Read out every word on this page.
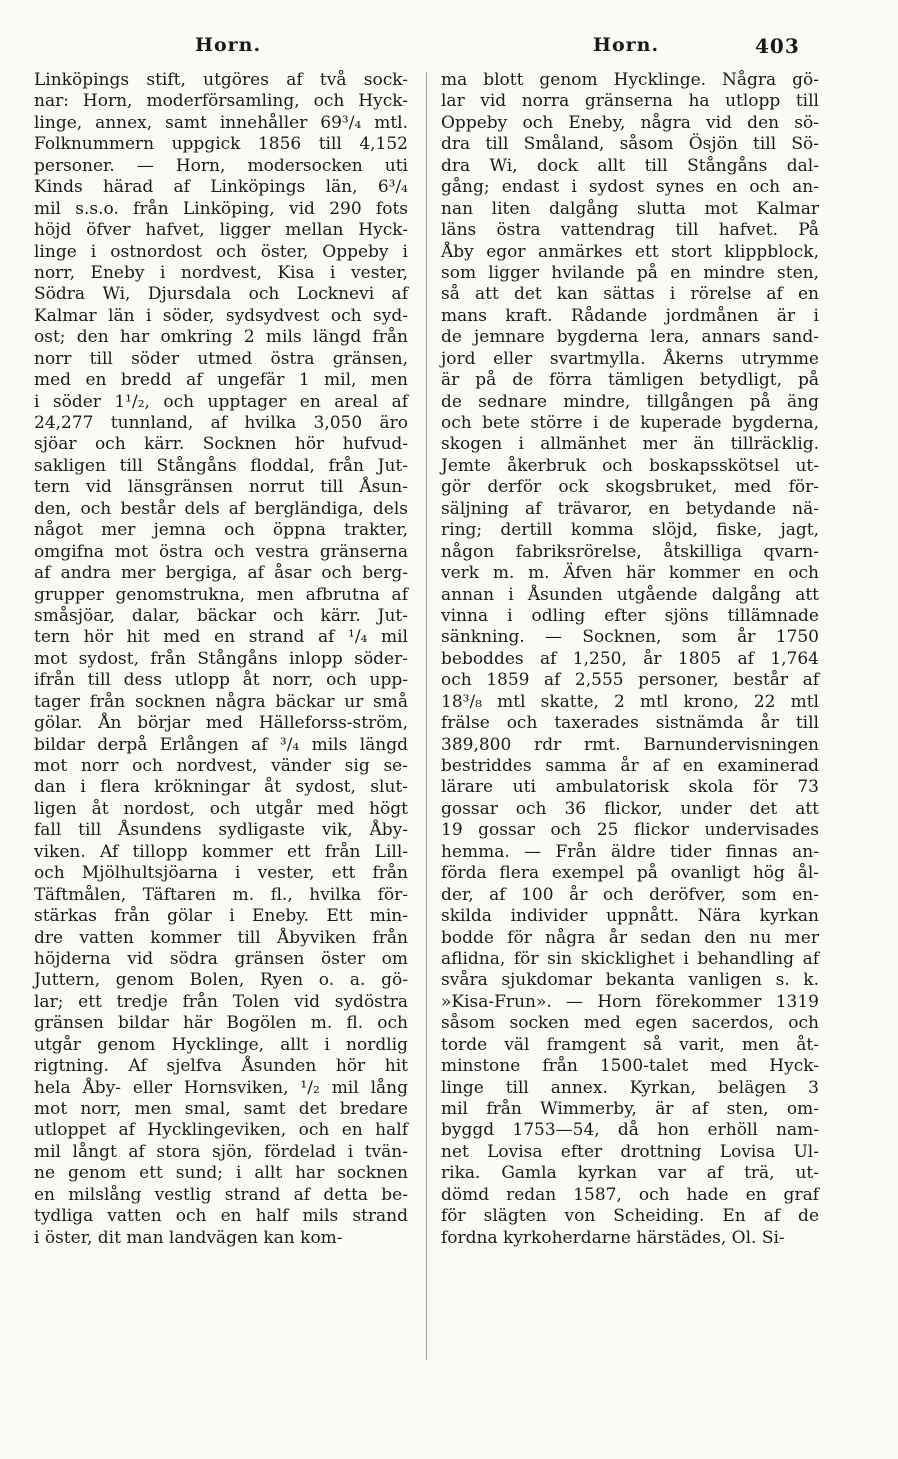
Horn.	Horn.	403
Linköpings stift, utgöres af två sock-
nar: Horn, moderförsamling, och Hyck-
linge, annex, samt innehåller 69³/₄ mtl.
Folknummern uppgick 1856 till 4,152
personer. — Horn, modersocken uti
Kinds härad af Linköpings län, 6³/₄
mil s.s.o. från Linköping, vid 290 fots
höjd öfver hafvet, ligger mellan Hyck-
linge i ostnordost och öster, Oppeby i
norr, Eneby i nordvest, Kisa i vester,
Södra Wi, Djursdala och Locknevi af
Kalmar län i söder, sydsydvest och syd-
ost; den har omkring 2 mils längd från
norr till söder utmed östra gränsen,
med en bredd af ungefär 1 mil, men
i söder 1¹/₂, och upptager en areal af
24,277 tunnland, af hvilka 3,050 äro
sjöar och kärr. Socknen hör hufvud-
sakligen till Stångåns floddal, från Jut-
tern vid länsgränsen norrut till Åsun-
den, och består dels af bergländiga, dels
något mer jemna och öppna trakter,
omgifna mot östra och vestra gränserna
af andra mer bergiga, af åsar och berg-
grupper genomstrukna, men afbrutna af
småsjöar, dalar, bäckar och kärr. Jut-
tern hör hit med en strand af ¹/₄ mil
mot sydost, från Stångåns inlopp söder-
ifrån till dess utlopp åt norr, och upp-
tager från socknen några bäckar ur små
gölar. Ån börjar med Hälleforss-ström,
bildar derpå Erlången af ³/₄ mils längd
mot norr och nordvest, vänder sig se-
dan i flera krökningar åt sydost, slut-
ligen åt nordost, och utgår med högt
fall till Åsundens sydligaste vik, Åby-
viken. Af tillopp kommer ett från Lill-
och Mjölhultsjöarna i vester, ett från
Täftmålen, Täftaren m. fl., hvilka för-
stärkas från gölar i Eneby. Ett min-
dre vatten kommer till Åbyviken från
höjderna vid södra gränsen öster om
Juttern, genom Bolen, Ryen o. a. gö-
lar; ett tredje från Tolen vid sydöstra
gränsen bildar här Bogölen m. fl. och
utgår genom Hycklinge, allt i nordlig
rigtning. Af sjelfva Åsunden hör hit
hela Åby- eller Hornsviken, ¹/₂ mil lång
mot norr, men smal, samt det bredare
utloppet af Hycklingeviken, och en half
mil långt af stora sjön, fördelad i tvän-
ne genom ett sund; i allt har socknen
en milslång vestlig strand af detta be-
tydliga vatten och en half mils strand
i öster, dit man landvägen kan kom-
ma blott genom Hycklinge. Några gö-
lar vid norra gränserna ha utlopp till
Oppeby och Eneby, några vid den sö-
dra till Småland, såsom Ösjön till Sö-
dra Wi, dock allt till Stångåns dal-
gång; endast i sydost synes en och an-
nan liten dalgång slutta mot Kalmar
läns östra vattendrag till hafvet. På
Åby egor anmärkes ett stort klippblock,
som ligger hvilande på en mindre sten,
så att det kan sättas i rörelse af en
mans kraft. Rådande jordmånen är i
de jemnare bygderna lera, annars sand-
jord eller svartmylla. Åkerns utrymme
är på de förra tämligen betydligt, på
de sednare mindre, tillgången på äng
och bete större i de kuperade bygderna,
skogen i allmänhet mer än tillräcklig.
Jemte åkerbruk och boskapsskötsel ut-
gör derför ock skogsbruket, med för-
säljning af trävaror, en betydande nä-
ring; dertill komma slöjd, fiske, jagt,
någon fabriksrörelse, åtskilliga qvarn-
verk m. m. Äfven här kommer en och
annan i Åsunden utgående dalgång att
vinna i odling efter sjöns tillämnade
sänkning. — Socknen, som år 1750
beboddes af 1,250, år 1805 af 1,764
och 1859 af 2,555 personer, består af
18³/₈ mtl skatte, 2 mtl krono, 22 mtl
frälse och taxerades sistnämda år till
389,800 rdr rmt. Barnundervisningen
bestriddes samma år af en examinerad
lärare uti ambulatorisk skola för 73
gossar och 36 flickor, under det att
19 gossar och 25 flickor undervisades
hemma. — Från äldre tider finnas an-
förda flera exempel på ovanligt hög ål-
der, af 100 år och deröfver, som en-
skilda individer uppnått. Nära kyrkan
bodde för några år sedan den nu mer
aflidna, för sin skicklighet i behandling af
svåra sjukdomar bekanta vanligen s. k.
»Kisa-Frun». — Horn förekommer 1319
såsom socken med egen sacerdos, och
torde väl framgent så varit, men åt-
minstone från 1500-talet med Hyck-
linge till annex. Kyrkan, belägen 3
mil från Wimmerby, är af sten, om-
byggd 1753—54, då hon erhöll nam-
net Lovisa efter drottning Lovisa Ul-
rika. Gamla kyrkan var af trä, ut-
dömd redan 1587, och hade en graf
för slägten von Scheiding. En af de
fordna kyrkoherdarne härstädes, Ol. Si-
